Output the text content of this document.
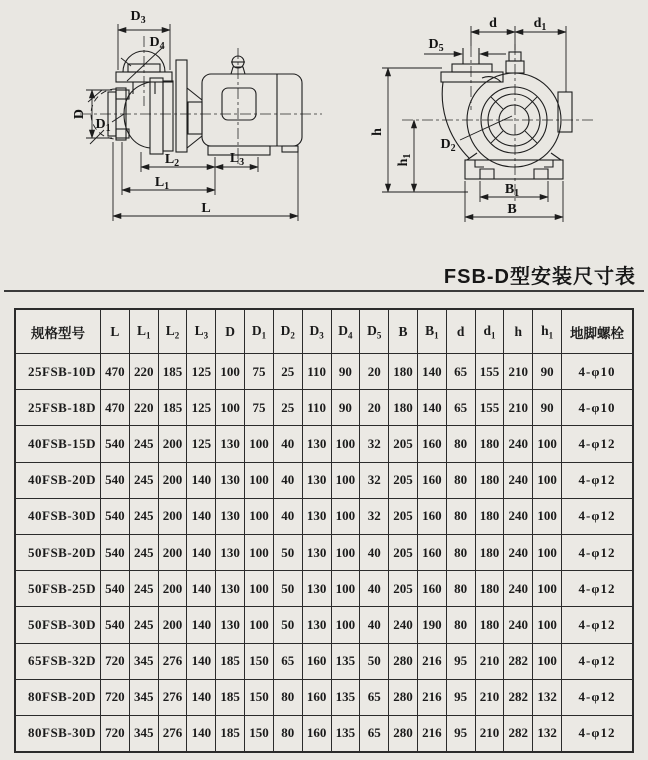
$D_3$
$D_4$
D
$D_1$
$L_2$	$L_3$
$L_1$
L
d	$d_1$
$D_5$
h
$h_1$
$D_2$
$B_1$
B
FSB-D型安装尺寸表
规格型号	L	$L_1$	$L_2$	$L_3$	D	$D_1$	$D_2$	$D_3$	$D_4$	$D_5$	B	$B_1$	d	$d_1$	h	$h_1$	地脚螺栓
25FSB-10D	470	220	185	125	100	75	25	110	90	20	180	140	65	155	210	90	4-φ10
25FSB-18D	470	220	185	125	100	75	25	110	90	20	180	140	65	155	210	90	4-φ10
40FSB-15D	540	245	200	125	130	100	40	130	100	32	205	160	80	180	240	100	4-φ12
40FSB-20D	540	245	200	140	130	100	40	130	100	32	205	160	80	180	240	100	4-φ12
40FSB-30D	540	245	200	140	130	100	40	130	100	32	205	160	80	180	240	100	4-φ12
50FSB-20D	540	245	200	140	130	100	50	130	100	40	205	160	80	180	240	100	4-φ12
50FSB-25D	540	245	200	140	130	100	50	130	100	40	205	160	80	180	240	100	4-φ12
50FSB-30D	540	245	200	140	130	100	50	130	100	40	240	190	80	180	240	100	4-φ12
65FSB-32D	720	345	276	140	185	150	65	160	135	50	280	216	95	210	282	100	4-φ12
80FSB-20D	720	345	276	140	185	150	80	160	135	65	280	216	95	210	282	132	4-φ12
80FSB-30D	720	345	276	140	185	150	80	160	135	65	280	216	95	210	282	132	4-φ12
